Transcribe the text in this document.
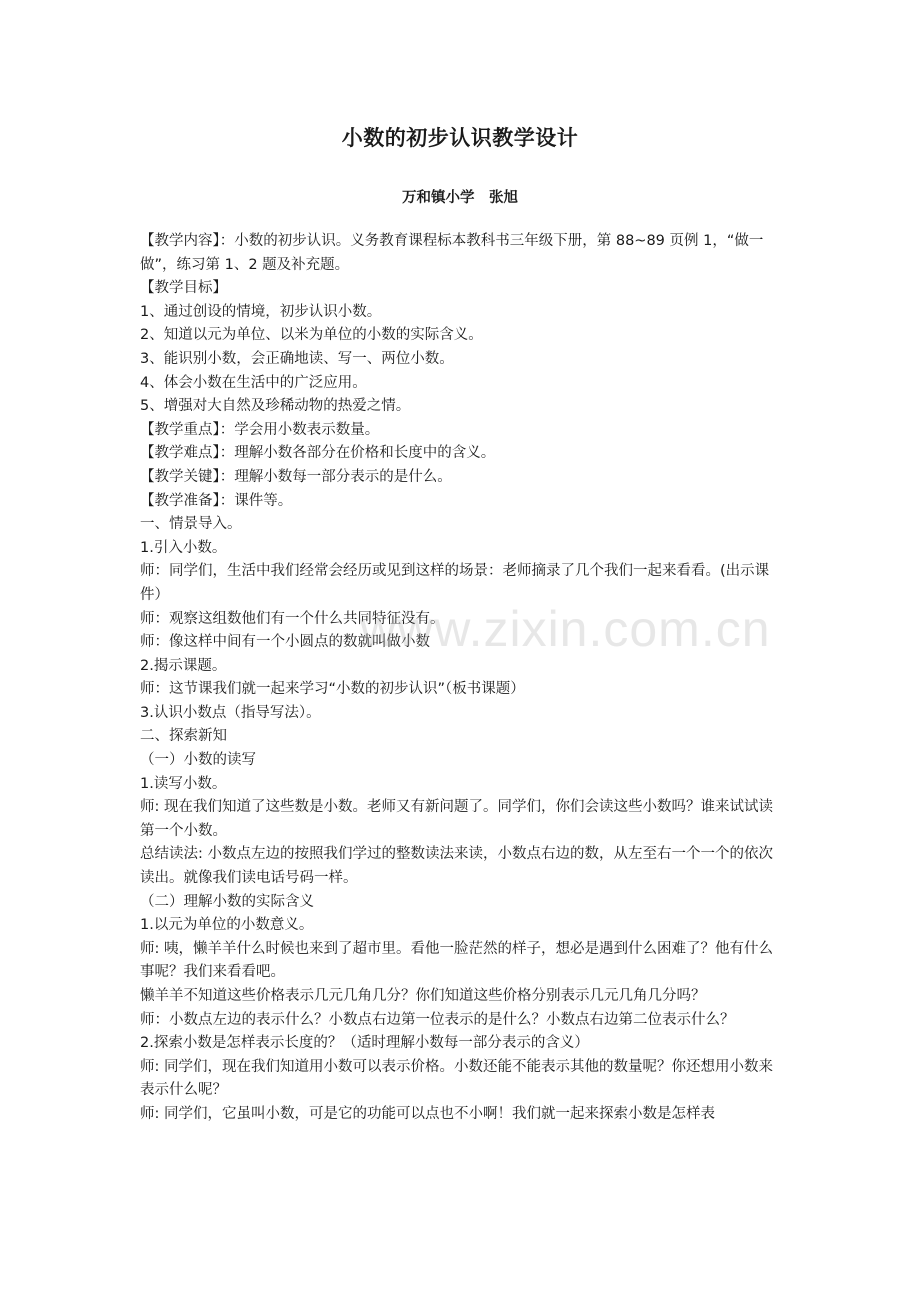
小数的初步认识教学设计
万和镇小学　张旭

【教学内容】：小数的初步认识。义务教育课程标本教科书三年级下册，第 88~89 页例 1，“做一做”，练习第 1、2 题及补充题。

【教学目标】

1、通过创设的情境，初步认识小数。

2、知道以元为单位、以米为单位的小数的实际含义。

3、能识别小数，会正确地读、写一、两位小数。

4、体会小数在生活中的广泛应用。

5、增强对大自然及珍稀动物的热爱之情。

【教学重点】：学会用小数表示数量。

【教学难点】：理解小数各部分在价格和长度中的含义。

【教学关键】：理解小数每一部分表示的是什么。

【教学准备】：课件等。

一、情景导入。

1.引入小数。

师：同学们，生活中我们经常会经历或见到这样的场景：老师摘录了几个我们一起来看看。(出示课件）

师：观察这组数他们有一个什么共同特征没有。

师：像这样中间有一个小圆点的数就叫做小数

2.揭示课题。

师：这节课我们就一起来学习“小数的初步认识”（板书课题）

3.认识小数点（指导写法）。

二、探索新知

（一）小数的读写

1.读写小数。

师: 现在我们知道了这些数是小数。老师又有新问题了。同学们，你们会读这些小数吗？谁来试试读第一个小数。

总结读法: 小数点左边的按照我们学过的整数读法来读，小数点右边的数，从左至右一个一个的依次读出。就像我们读电话号码一样。

（二）理解小数的实际含义

1.以元为单位的小数意义。

师: 咦，懒羊羊什么时候也来到了超市里。看他一脸茫然的样子，想必是遇到什么困难了？他有什么事呢？我们来看看吧。

懒羊羊不知道这些价格表示几元几角几分？你们知道这些价格分别表示几元几角几分吗？

师：小数点左边的表示什么？小数点右边第一位表示的是什么？小数点右边第二位表示什么？

2.探索小数是怎样表示长度的？（适时理解小数每一部分表示的含义）

师: 同学们，现在我们知道用小数可以表示价格。小数还能不能表示其他的数量呢？你还想用小数来表示什么呢？

师: 同学们，它虽叫小数，可是它的功能可以点也不小啊！我们就一起来探索小数是怎样表

www.zixin.com.cn
